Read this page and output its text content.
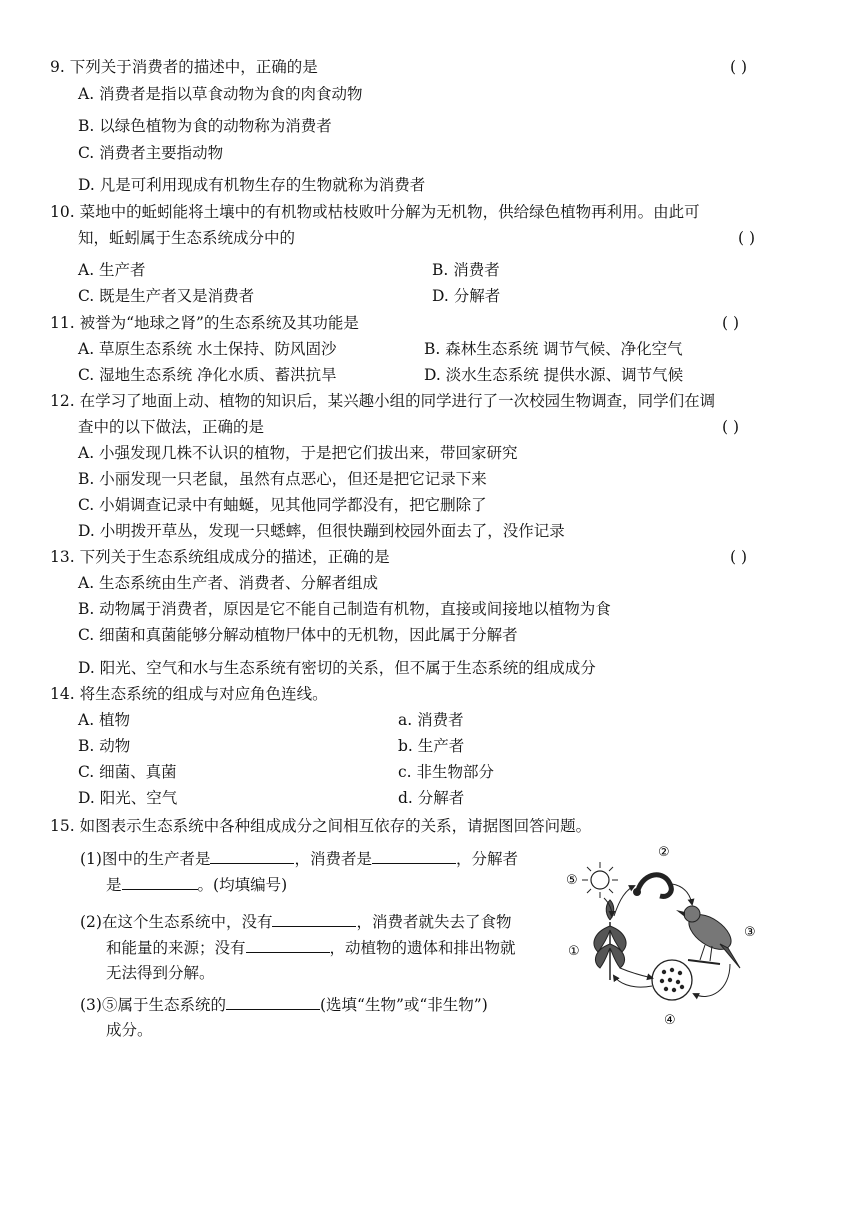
9. 下列关于消费者的描述中，正确的是	( )
A. 消费者是指以草食动物为食的肉食动物
B. 以绿色植物为食的动物称为消费者
C. 消费者主要指动物
D. 凡是可利用现成有机物生存的生物就称为消费者
10. 菜地中的蚯蚓能将土壤中的有机物或枯枝败叶分解为无机物，供给绿色植物再利用。由此可
知，蚯蚓属于生态系统成分中的	( )
A. 生产者	B. 消费者
C. 既是生产者又是消费者	D. 分解者
11. 被誉为“地球之肾”的生态系统及其功能是	( )
A. 草原生态系统 水土保持、防风固沙	B. 森林生态系统 调节气候、净化空气
C. 湿地生态系统 净化水质、蓄洪抗旱	D. 淡水生态系统 提供水源、调节气候
12. 在学习了地面上动、植物的知识后，某兴趣小组的同学进行了一次校园生物调查，同学们在调
查中的以下做法，正确的是	( )
A. 小强发现几株不认识的植物，于是把它们拔出来，带回家研究
B. 小丽发现一只老鼠，虽然有点恶心，但还是把它记录下来
C. 小娟调查记录中有蚰蜒，见其他同学都没有，把它删除了
D. 小明拨开草丛，发现一只蟋蟀，但很快蹦到校园外面去了，没作记录
13. 下列关于生态系统组成成分的描述，正确的是	( )
A. 生态系统由生产者、消费者、分解者组成
B. 动物属于消费者，原因是它不能自己制造有机物，直接或间接地以植物为食
C. 细菌和真菌能够分解动植物尸体中的无机物，因此属于分解者
D. 阳光、空气和水与生态系统有密切的关系，但不属于生态系统的组成成分
14. 将生态系统的组成与对应角色连线。
A. 植物	a. 消费者
B. 动物	b. 生产者
C. 细菌、真菌	c. 非生物部分
D. 阳光、空气	d. 分解者
15. 如图表示生态系统中各种组成成分之间相互依存的关系，请据图回答问题。
(1)图中的生产者是	，消费者是	，分解者
是	。(均填编号)
(2)在这个生态系统中，没有	，消费者就失去了食物
和能量的来源；没有	，动植物的遗体和排出物就
无法得到分解。
(3)⑤属于生态系统的	(选填“生物”或“非生物”)
成分。
⑤
①
②
③
④
